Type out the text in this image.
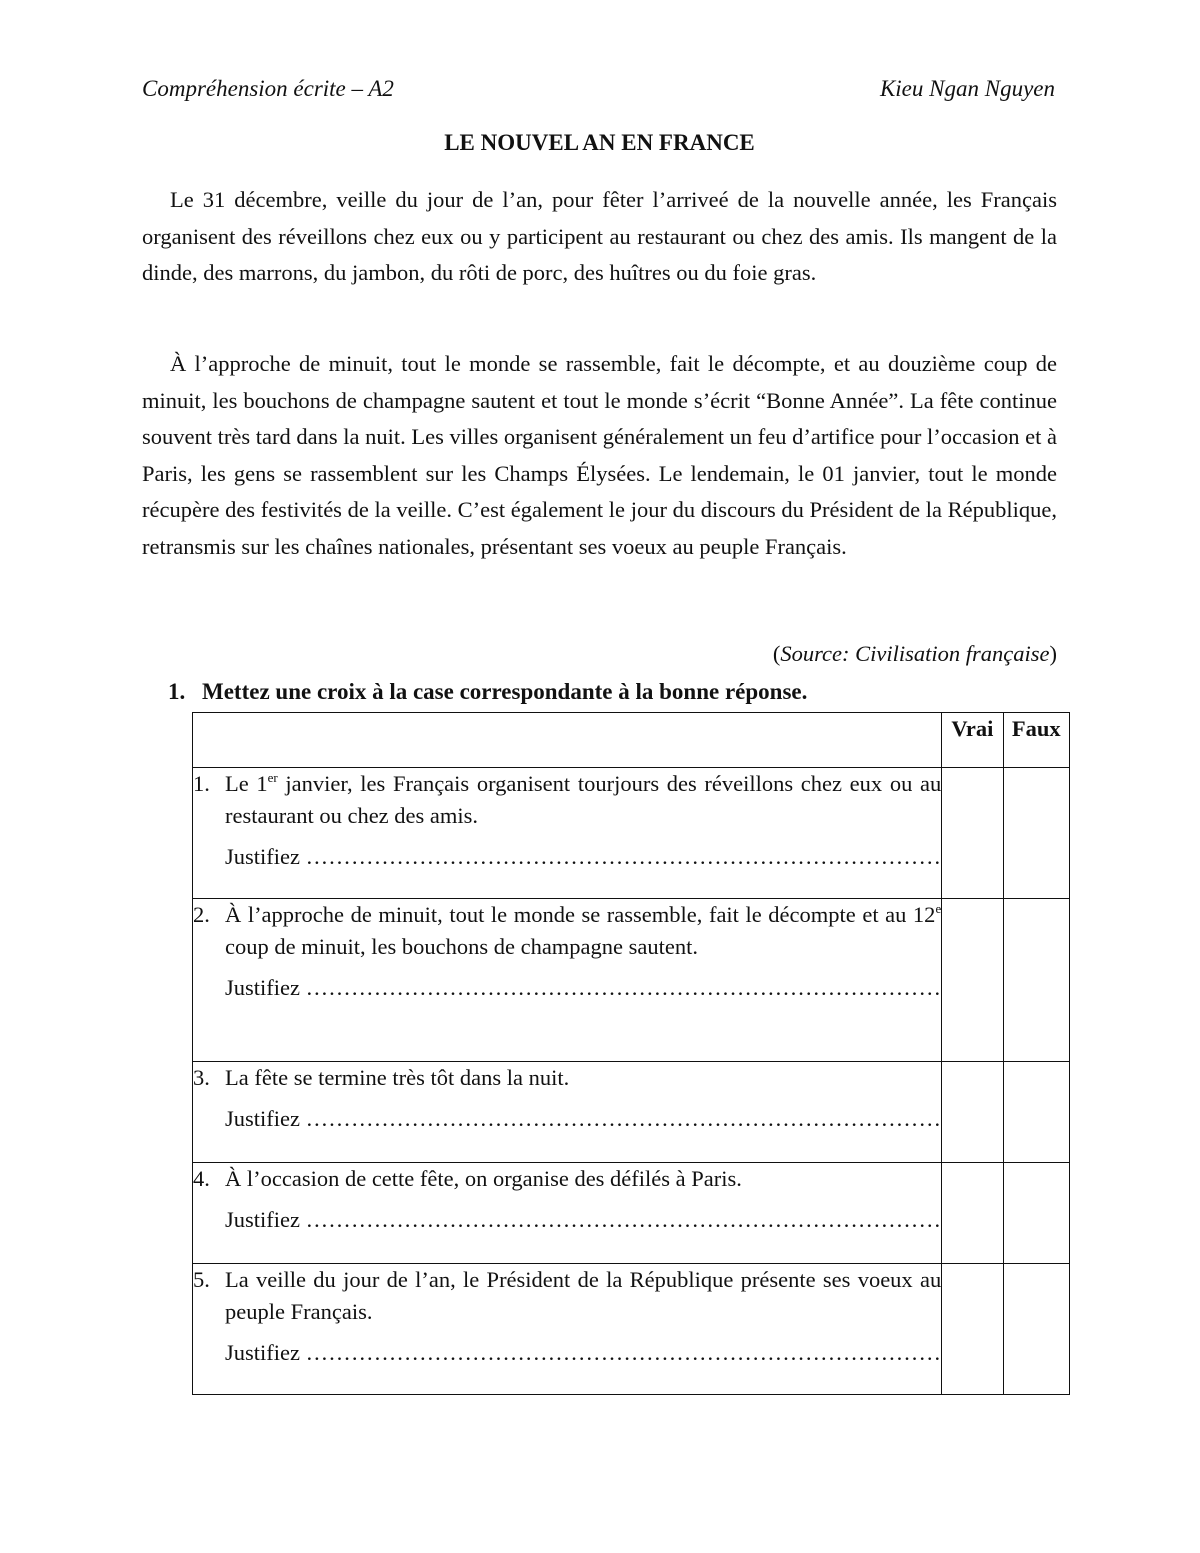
Compréhension écrite – A2	Kieu Ngan Nguyen
LE NOUVEL AN EN FRANCE

Le 31 décembre, veille du jour de l’an, pour fêter l’arriveé de la nouvelle année, les Français organisent des réveillons chez eux ou y participent au restaurant ou chez des amis. Ils mangent de la dinde, des marrons, du jambon, du rôti de porc, des huîtres ou du foie gras.

À l’approche de minuit, tout le monde se rassemble, fait le décompte, et au douzième coup de minuit, les bouchons de champagne sautent et tout le monde s’écrit “Bonne Année”. La fête continue souvent très tard dans la nuit. Les villes organisent généralement un feu d’artifice pour l’occasion et à Paris, les gens se rassemblent sur les Champs Élysées. Le lendemain, le 01 janvier, tout le monde récupère des festivités de la veille. C’est également le jour du discours du Président de la République, retransmis sur les chaînes nationales, présentant ses voeux au peuple Français.

(Source: Civilisation française)
1. Mettez une croix à la case correspondante à la bonne réponse.

	Vrai	Faux

1. Le 1er janvier, les Français organisent tourjours des réveillons chez eux ou au restaurant ou chez des amis.

Justifiez …………………………………………………………………………		

2. À l’approche de minuit, tout le monde se rassemble, fait le décompte et au 12e coup de minuit, les bouchons de champagne sautent.

Justifiez …………………………………………………………………………		

3. La fête se termine très tôt dans la nuit.

Justifiez …………………………………………………………………………		

4. À l’occasion de cette fête, on organise des défilés à Paris.

Justifiez …………………………………………………………………………		

5. La veille du jour de l’an, le Président de la République présente ses voeux au peuple Français.

Justifiez …………………………………………………………………………		
